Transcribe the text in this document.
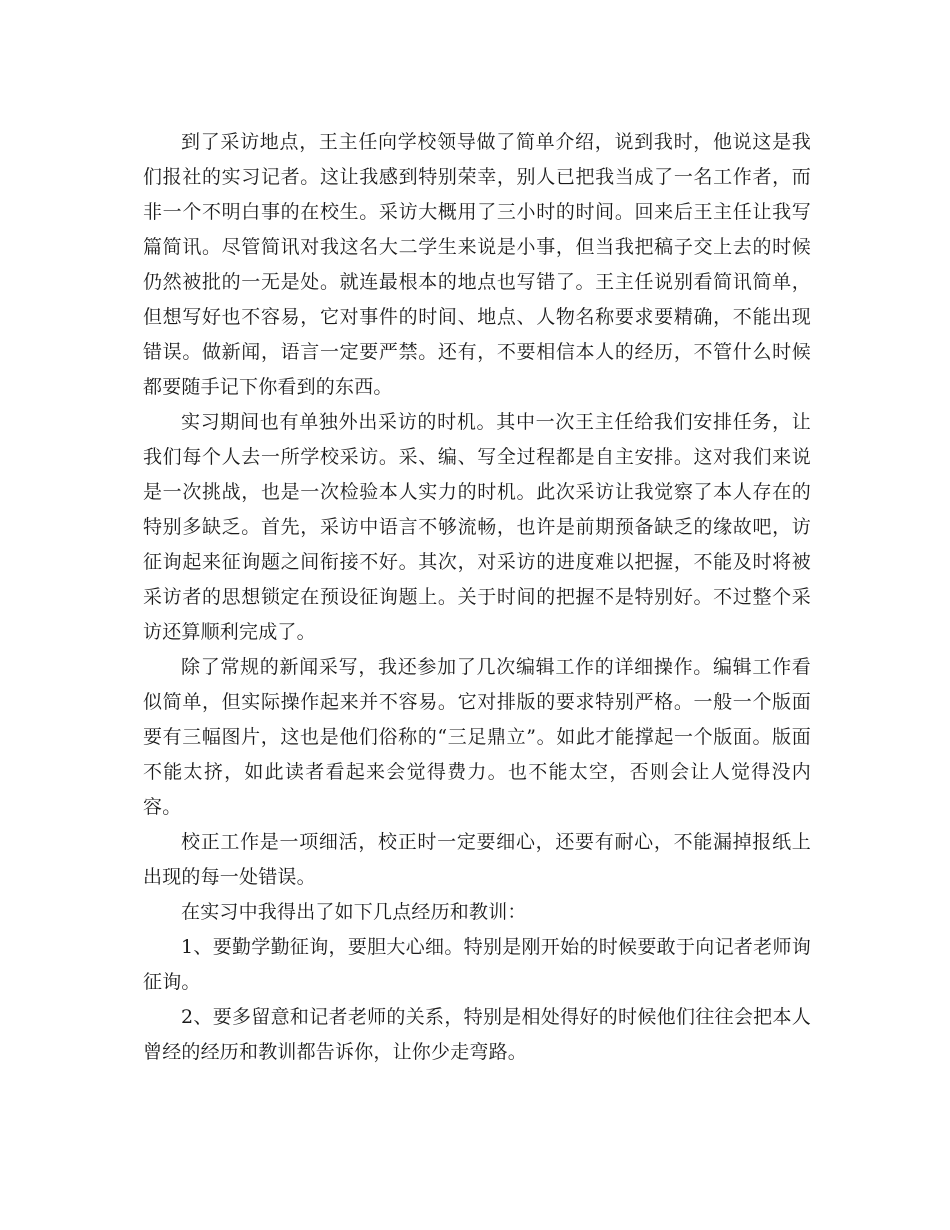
到了采访地点，王主任向学校领导做了简单介绍，说到我时，他说这是我们报社的实习记者。这让我感到特别荣幸，别人已把我当成了一名工作者，而非一个不明白事的在校生。采访大概用了三小时的时间。回来后王主任让我写篇简讯。尽管简讯对我这名大二学生来说是小事，但当我把稿子交上去的时候仍然被批的一无是处。就连最根本的地点也写错了。王主任说别看简讯简单，但想写好也不容易，它对事件的时间、地点、人物名称要求要精确，不能出现错误。做新闻，语言一定要严禁。还有，不要相信本人的经历，不管什么时候都要随手记下你看到的东西。

实习期间也有单独外出采访的时机。其中一次王主任给我们安排任务，让我们每个人去一所学校采访。采、编、写全过程都是自主安排。这对我们来说是一次挑战，也是一次检验本人实力的时机。此次采访让我觉察了本人存在的特别多缺乏。首先，采访中语言不够流畅，也许是前期预备缺乏的缘故吧，访征询起来征询题之间衔接不好。其次，对采访的进度难以把握，不能及时将被采访者的思想锁定在预设征询题上。关于时间的把握不是特别好。不过整个采访还算顺利完成了。

除了常规的新闻采写，我还参加了几次编辑工作的详细操作。编辑工作看似简单，但实际操作起来并不容易。它对排版的要求特别严格。一般一个版面要有三幅图片，这也是他们俗称的“三足鼎立”。如此才能撑起一个版面。版面不能太挤，如此读者看起来会觉得费力。也不能太空，否则会让人觉得没内容。

校正工作是一项细活，校正时一定要细心，还要有耐心，不能漏掉报纸上出现的每一处错误。

在实习中我得出了如下几点经历和教训：

1、要勤学勤征询，要胆大心细。特别是刚开始的时候要敢于向记者老师询征询。

2、要多留意和记者老师的关系，特别是相处得好的时候他们往往会把本人曾经的经历和教训都告诉你，让你少走弯路。
